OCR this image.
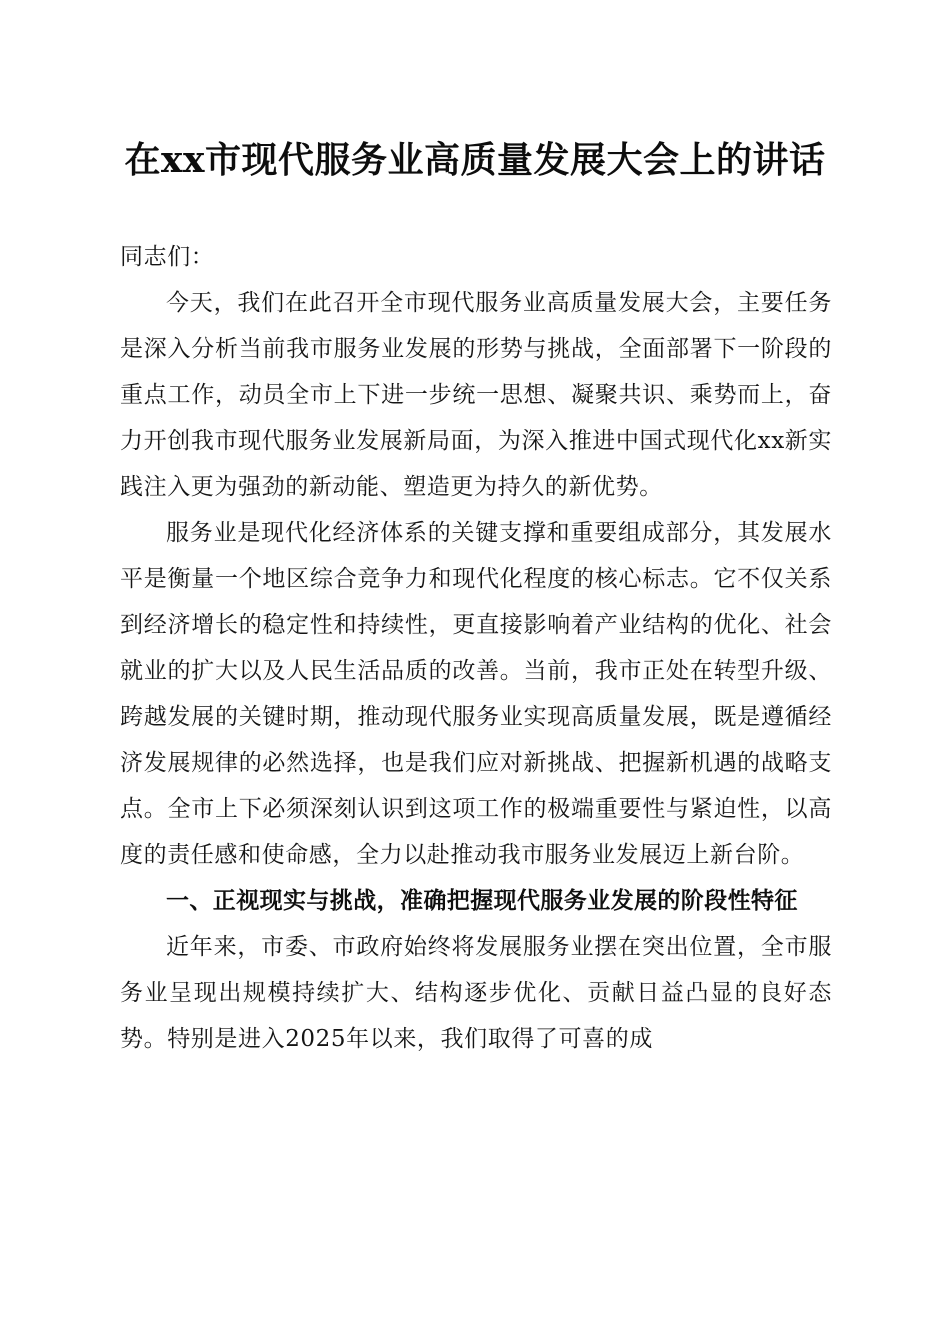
在xx市现代服务业高质量发展大会上的讲话

同志们：

今天，我们在此召开全市现代服务业高质量发展大会，主要任务是深入分析当前我市服务业发展的形势与挑战，全面部署下一阶段的重点工作，动员全市上下进一步统一思想、凝聚共识、乘势而上，奋力开创我市现代服务业发展新局面，为深入推进中国式现代化xx新实践注入更为强劲的新动能、塑造更为持久的新优势。

服务业是现代化经济体系的关键支撑和重要组成部分，其发展水平是衡量一个地区综合竞争力和现代化程度的核心标志。它不仅关系到经济增长的稳定性和持续性，更直接影响着产业结构的优化、社会就业的扩大以及人民生活品质的改善。当前，我市正处在转型升级、跨越发展的关键时期，推动现代服务业实现高质量发展，既是遵循经济发展规律的必然选择，也是我们应对新挑战、把握新机遇的战略支点。全市上下必须深刻认识到这项工作的极端重要性与紧迫性，以高度的责任感和使命感，全力以赴推动我市服务业发展迈上新台阶。

一、正视现实与挑战，准确把握现代服务业发展的阶段性特征

近年来，市委、市政府始终将发展服务业摆在突出位置，全市服务业呈现出规模持续扩大、结构逐步优化、贡献日益凸显的良好态势。特别是进入2025年以来，我们取得了可喜的成
